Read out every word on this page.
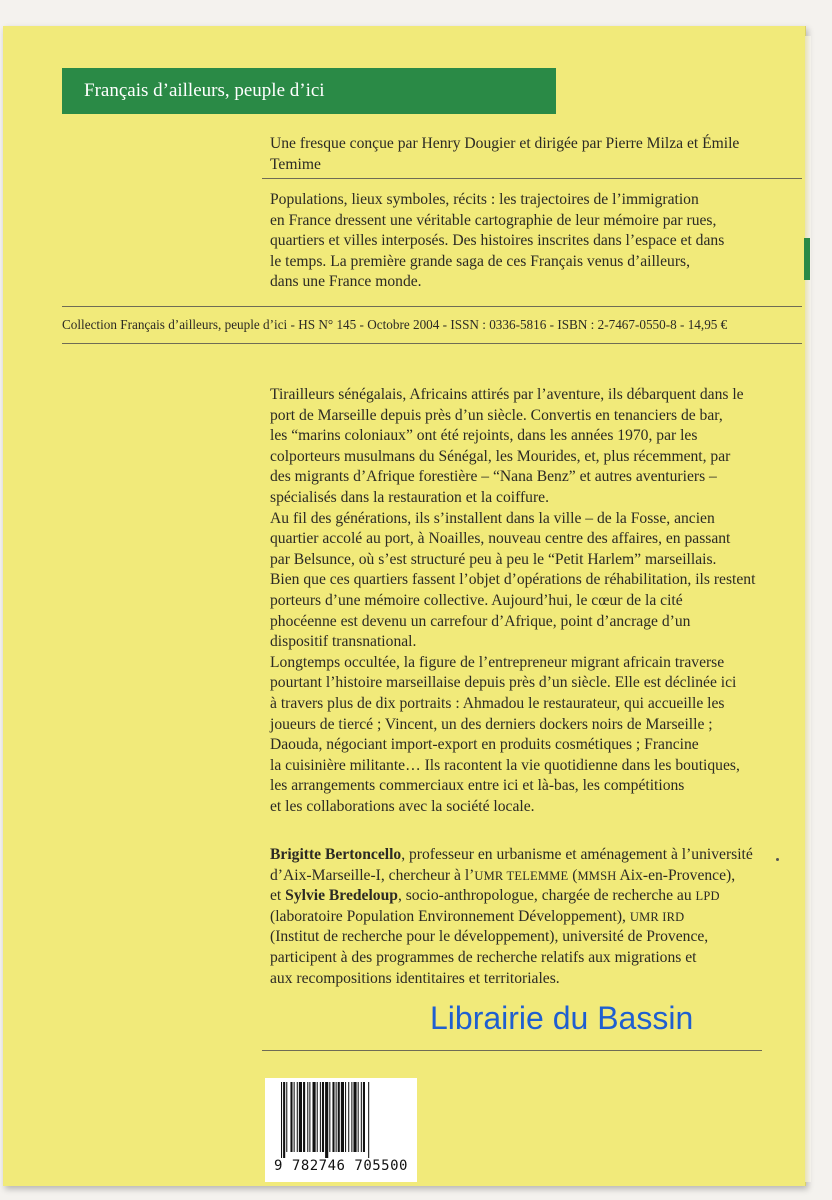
Français d’ailleurs, peuple d’ici
Une fresque conçue par Henry Dougier et dirigée par Pierre Milza et Émile Temime

Populations, lieux symboles, récits : les trajectoires de l’immigration

en France dressent une véritable cartographie de leur mémoire par rues,

quartiers et villes interposés. Des histoires inscrites dans l’espace et dans

le temps. La première grande saga de ces Français venus d’ailleurs,

dans une France monde.

Collection Français d’ailleurs, peuple d’ici - HS N° 145 - Octobre 2004 - ISSN : 0336-5816 - ISBN : 2-7467-0550-8 - 14,95 €

Tirailleurs sénégalais, Africains attirés par l’aventure, ils débarquent dans le

port de Marseille depuis près d’un siècle. Convertis en tenanciers de bar,

les “marins coloniaux” ont été rejoints, dans les années 1970, par les

colporteurs musulmans du Sénégal, les Mourides, et, plus récemment, par

des migrants d’Afrique forestière – “Nana Benz” et autres aventuriers –

spécialisés dans la restauration et la coiffure.

Au fil des générations, ils s’installent dans la ville – de la Fosse, ancien

quartier accolé au port, à Noailles, nouveau centre des affaires, en passant

par Belsunce, où s’est structuré peu à peu le “Petit Harlem” marseillais.

Bien que ces quartiers fassent l’objet d’opérations de réhabilitation, ils restent

porteurs d’une mémoire collective. Aujourd’hui, le cœur de la cité

phocéenne est devenu un carrefour d’Afrique, point d’ancrage d’un

dispositif transnational.

Longtemps occultée, la figure de l’entrepreneur migrant africain traverse

pourtant l’histoire marseillaise depuis près d’un siècle. Elle est déclinée ici

à travers plus de dix portraits : Ahmadou le restaurateur, qui accueille les

joueurs de tiercé ; Vincent, un des derniers dockers noirs de Marseille ;

Daouda, négociant import-export en produits cosmétiques ; Francine

la cuisinière militante… Ils racontent la vie quotidienne dans les boutiques,

les arrangements commerciaux entre ici et là-bas, les compétitions

et les collaborations avec la société locale.

Brigitte Bertoncello, professeur en urbanisme et aménagement à l’université

d’Aix-Marseille-I, chercheur à l’UMR TELEMME (MMSH Aix-en-Provence),

et Sylvie Bredeloup, socio-anthropologue, chargée de recherche au LPD

(laboratoire Population Environnement Développement), UMR IRD

(Institut de recherche pour le développement), université de Provence,

participent à des programmes de recherche relatifs aux migrations et

aux recompositions identitaires et territoriales.

Librairie du Bassin
9 782746 705500
